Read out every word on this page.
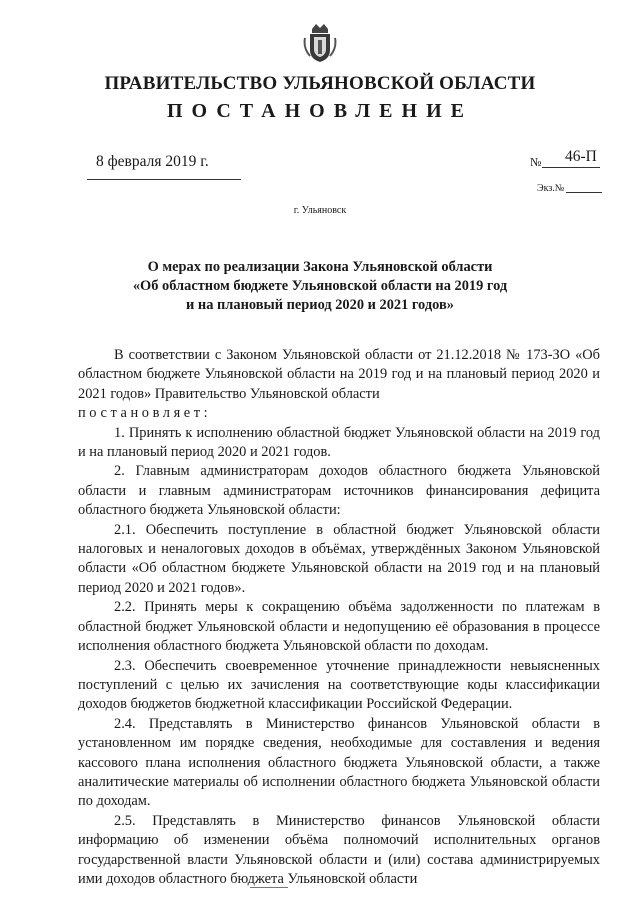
ПРАВИТЕЛЬСТВО УЛЬЯНОВСКОЙ ОБЛАСТИ
ПОСТАНОВЛЕНИЕ
8 февраля 2019 г.	№ 46-П
Экз.№
г. Ульяновск
О мерах по реализации Закона Ульяновской области
«Об областном бюджете Ульяновской области на 2019 год
и на плановый период 2020 и 2021 годов»

В соответствии с Законом Ульяновской области от 21.12.2018 № 173-ЗО «Об областном бюджете Ульяновской области на 2019 год и на плановый период 2020 и 2021 годов» Правительство Ульяновской области

постановляет:

1. Принять к исполнению областной бюджет Ульяновской области на 2019 год и на плановый период 2020 и 2021 годов.

2. Главным администраторам доходов областного бюджета Ульяновской области и главным администраторам источников финансирования дефицита областного бюджета Ульяновской области:

2.1. Обеспечить поступление в областной бюджет Ульяновской области налоговых и неналоговых доходов в объёмах, утверждённых Законом Ульяновской области «Об областном бюджете Ульяновской области на 2019 год и на плановый период 2020 и 2021 годов».

2.2. Принять меры к сокращению объёма задолженности по платежам в областной бюджет Ульяновской области и недопущению её образования в процессе исполнения областного бюджета Ульяновской области по доходам.

2.3. Обеспечить своевременное уточнение принадлежности невыясненных поступлений с целью их зачисления на соответствующие коды классификации доходов бюджетов бюджетной классификации Российской Федерации.

2.4. Представлять в Министерство финансов Ульяновской области в установленном им порядке сведения, необходимые для составления и ведения кассового плана исполнения областного бюджета Ульяновской области, а также аналитические материалы об исполнении областного бюджета Ульяновской области по доходам.

2.5. Представлять в Министерство финансов Ульяновской области информацию об изменении объёма полномочий исполнительных органов государственной власти Ульяновской области и (или) состава администрируемых ими доходов областного бюджета Ульяновской области
